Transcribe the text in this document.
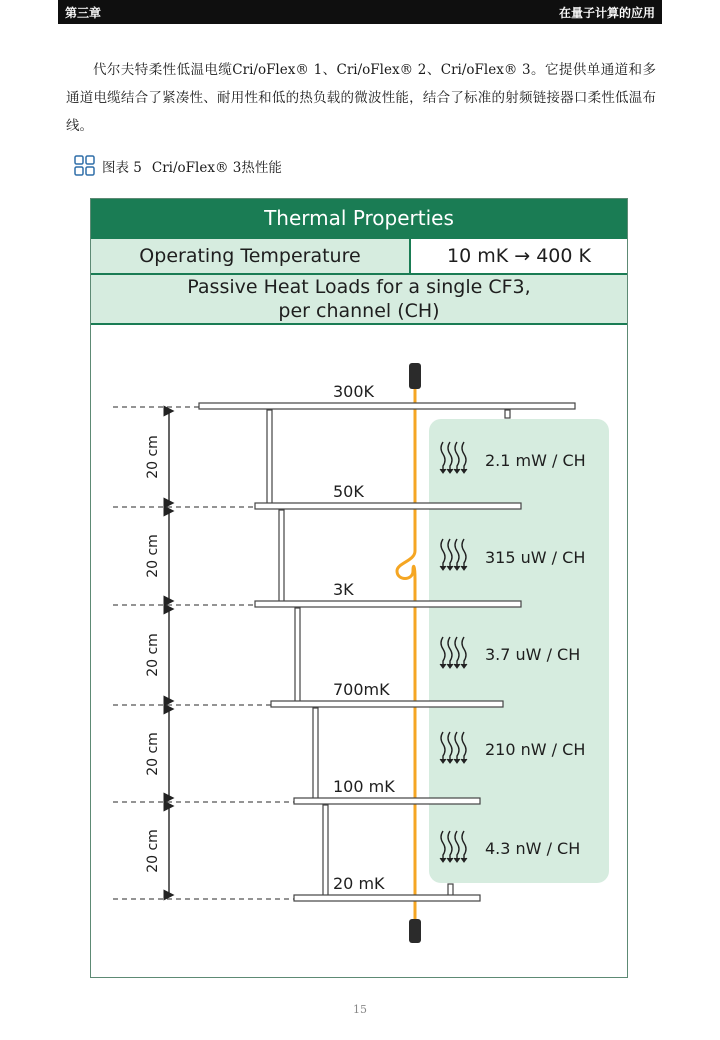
第三章	在量子计算的应用

代尔夫特柔性低温电缆Cri/oFlex® 1、Cri/oFlex® 2、Cri/oFlex® 3。它提供单通道和多通道电缆结合了紧凑性、耐用性和低的热负载的微波性能，结合了标准的射频链接器口柔性低温布线。

图表 5 Cri/oFlex® 3热性能
Thermal Properties
Operating Temperature	10 mK → 400 K
Passive Heat Loads for a single CF3,
per channel (CH)
300K
50K
3K
700mK
100 mK
20 mK
20 cm
20 cm
20 cm
20 cm
20 cm
2.1 mW / CH
315 uW / CH
3.7 uW / CH
210 nW / CH
4.3 nW / CH
15
